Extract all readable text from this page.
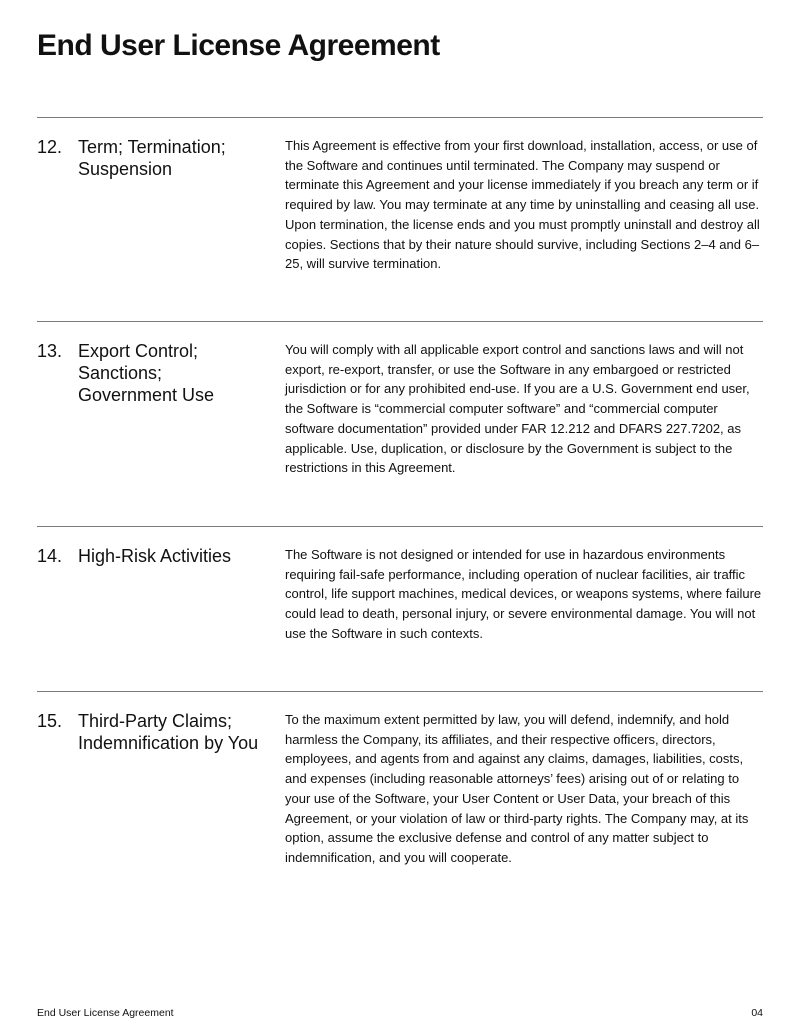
End User License Agreement
12. Term; Termination;
Suspension
This Agreement is effective from your first download, installation, access, or use of the Software and continues until terminated. The Company may suspend or terminate this Agreement and your license immediately if you breach any term or if required by law. You may terminate at any time by uninstalling and ceasing all use. Upon termination, the license ends and you must promptly uninstall and destroy all copies. Sections that by their nature should survive, including Sections 2–4 and 6–25, will survive termination.
13. Export Control;
Sanctions;
Government Use
You will comply with all applicable export control and sanctions laws and will not export, re-export, transfer, or use the Software in any embargoed or restricted jurisdiction or for any prohibited end-use. If you are a U.S. Government end user, the Software is “commercial computer software” and “commercial computer software documentation” provided under FAR 12.212 and DFARS 227.7202, as applicable. Use, duplication, or disclosure by the Government is subject to the restrictions in this Agreement.
14. High-Risk Activities	The Software is not designed or intended for use in hazardous environments requiring fail-safe performance, including operation of nuclear facilities, air traffic control, life support machines, medical devices, or weapons systems, where failure could lead to death, personal injury, or severe environmental damage. You will not use the Software in such contexts.
15. Third-Party Claims;
Indemnification by You
To the maximum extent permitted by law, you will defend, indemnify, and hold harmless the Company, its affiliates, and their respective officers, directors, employees, and agents from and against any claims, damages, liabilities, costs, and expenses (including reasonable attorneys’ fees) arising out of or relating to your use of the Software, your User Content or User Data, your breach of this Agreement, or your violation of law or third-party rights. The Company may, at its option, assume the exclusive defense and control of any matter subject to indemnification, and you will cooperate.
End User License Agreement	04
